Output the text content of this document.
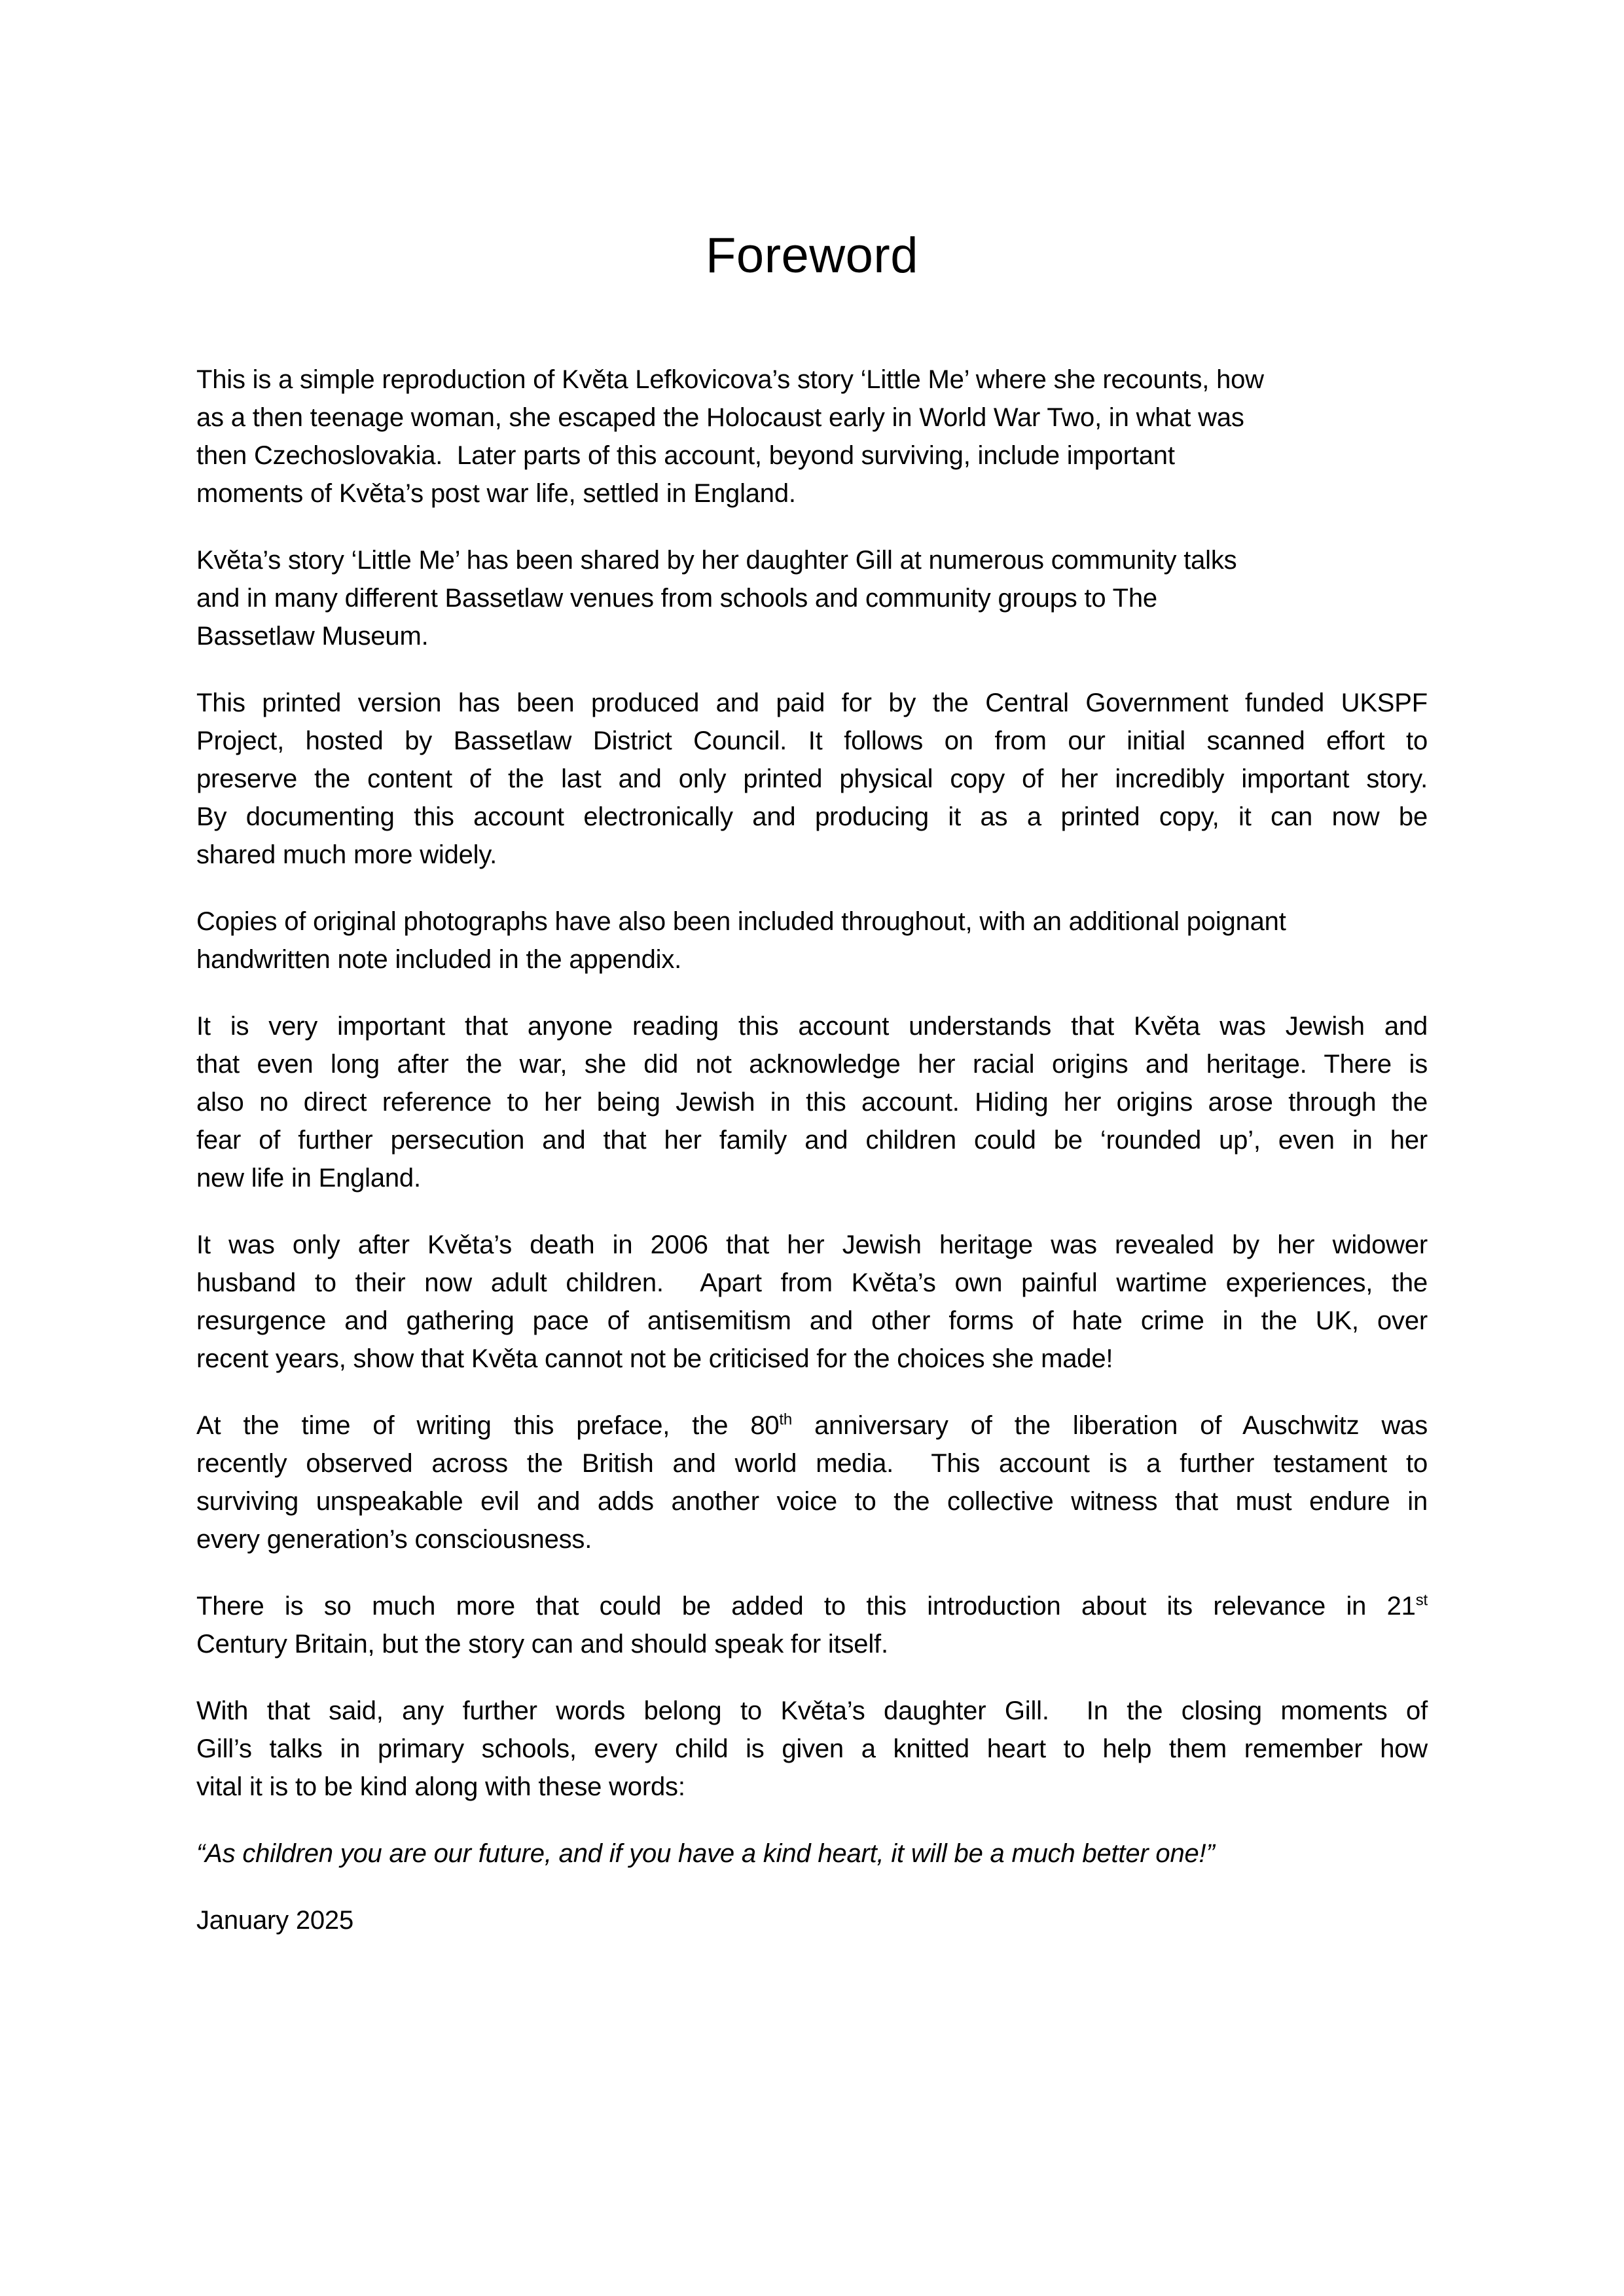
Foreword
This is a simple reproduction of Květa Lefkovicova’s story ‘Little Me’ where she recounts, how
as a then teenage woman, she escaped the Holocaust early in World War Two, in what was
then Czechoslovakia.  Later parts of this account, beyond surviving, include important
moments of Květa’s post war life, settled in England.
Květa’s story ‘Little Me’ has been shared by her daughter Gill at numerous community talks
and in many different Bassetlaw venues from schools and community groups to The
Bassetlaw Museum.
This printed version has been produced and paid for by the Central Government funded UKSPF
Project, hosted by Bassetlaw District Council. It follows on from our initial scanned effort to
preserve the content of the last and only printed physical copy of her incredibly important story.
By documenting this account electronically and producing it as a printed copy, it can now be
shared much more widely.
Copies of original photographs have also been included throughout, with an additional poignant
handwritten note included in the appendix.
It is very important that anyone reading this account understands that Květa was Jewish and
that even long after the war, she did not acknowledge her racial origins and heritage. There is
also no direct reference to her being Jewish in this account. Hiding her origins arose through the
fear of further persecution and that her family and children could be ‘rounded up’, even in her
new life in England.
It was only after Květa’s death in 2006 that her Jewish heritage was revealed by her widower
husband to their now adult children.  Apart from Květa’s own painful wartime experiences, the
resurgence and gathering pace of antisemitism and other forms of hate crime in the UK, over
recent years, show that Květa cannot not be criticised for the choices she made!
At the time of writing this preface, the 80th anniversary of the liberation of Auschwitz was
recently observed across the British and world media.  This account is a further testament to
surviving unspeakable evil and adds another voice to the collective witness that must endure in
every generation’s consciousness.
There is so much more that could be added to this introduction about its relevance in 21st
Century Britain, but the story can and should speak for itself.
With that said, any further words belong to Květa’s daughter Gill.  In the closing moments of
Gill’s talks in primary schools, every child is given a knitted heart to help them remember how
vital it is to be kind along with these words:
“As children you are our future, and if you have a kind heart, it will be a much better one!”
January 2025
